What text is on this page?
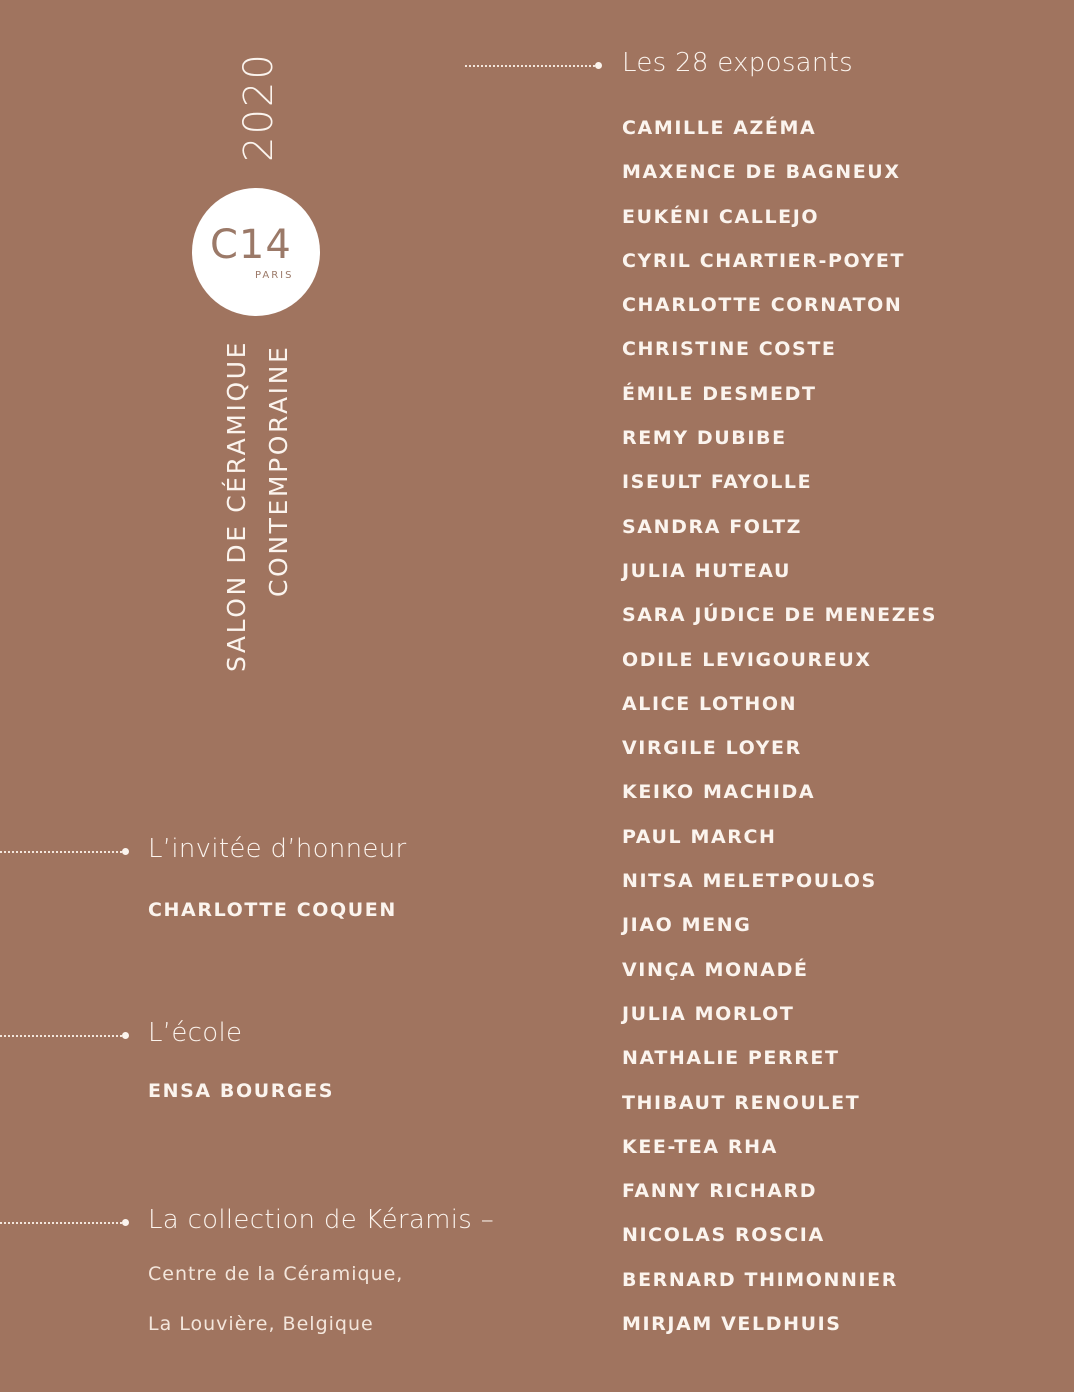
2020
C14
PARIS
SALON DE CÉRAMIQUE CONTEMPORAINE
Les 28 exposants
CAMILLE AZÉMA
MAXENCE DE BAGNEUX
EUKÉNI CALLEJO
CYRIL CHARTIER-POYET
CHARLOTTE CORNATON
CHRISTINE COSTE
ÉMILE DESMEDT
REMY DUBIBE
ISEULT FAYOLLE
SANDRA FOLTZ
JULIA HUTEAU
SARA JÚDICE DE MENEZES
ODILE LEVIGOUREUX
ALICE LOTHON
VIRGILE LOYER
KEIKO MACHIDA
PAUL MARCH
NITSA MELETPOULOS
JIAO MENG
VINÇA MONADÉ
JULIA MORLOT
NATHALIE PERRET
THIBAUT RENOULET
KEE-TEA RHA
FANNY RICHARD
NICOLAS ROSCIA
BERNARD THIMONNIER
MIRJAM VELDHUIS
L’invitée d’honneur
CHARLOTTE COQUEN
L’école
ENSA BOURGES
La collection de Kéramis –
Centre de la Céramique,
La Louvière, Belgique
